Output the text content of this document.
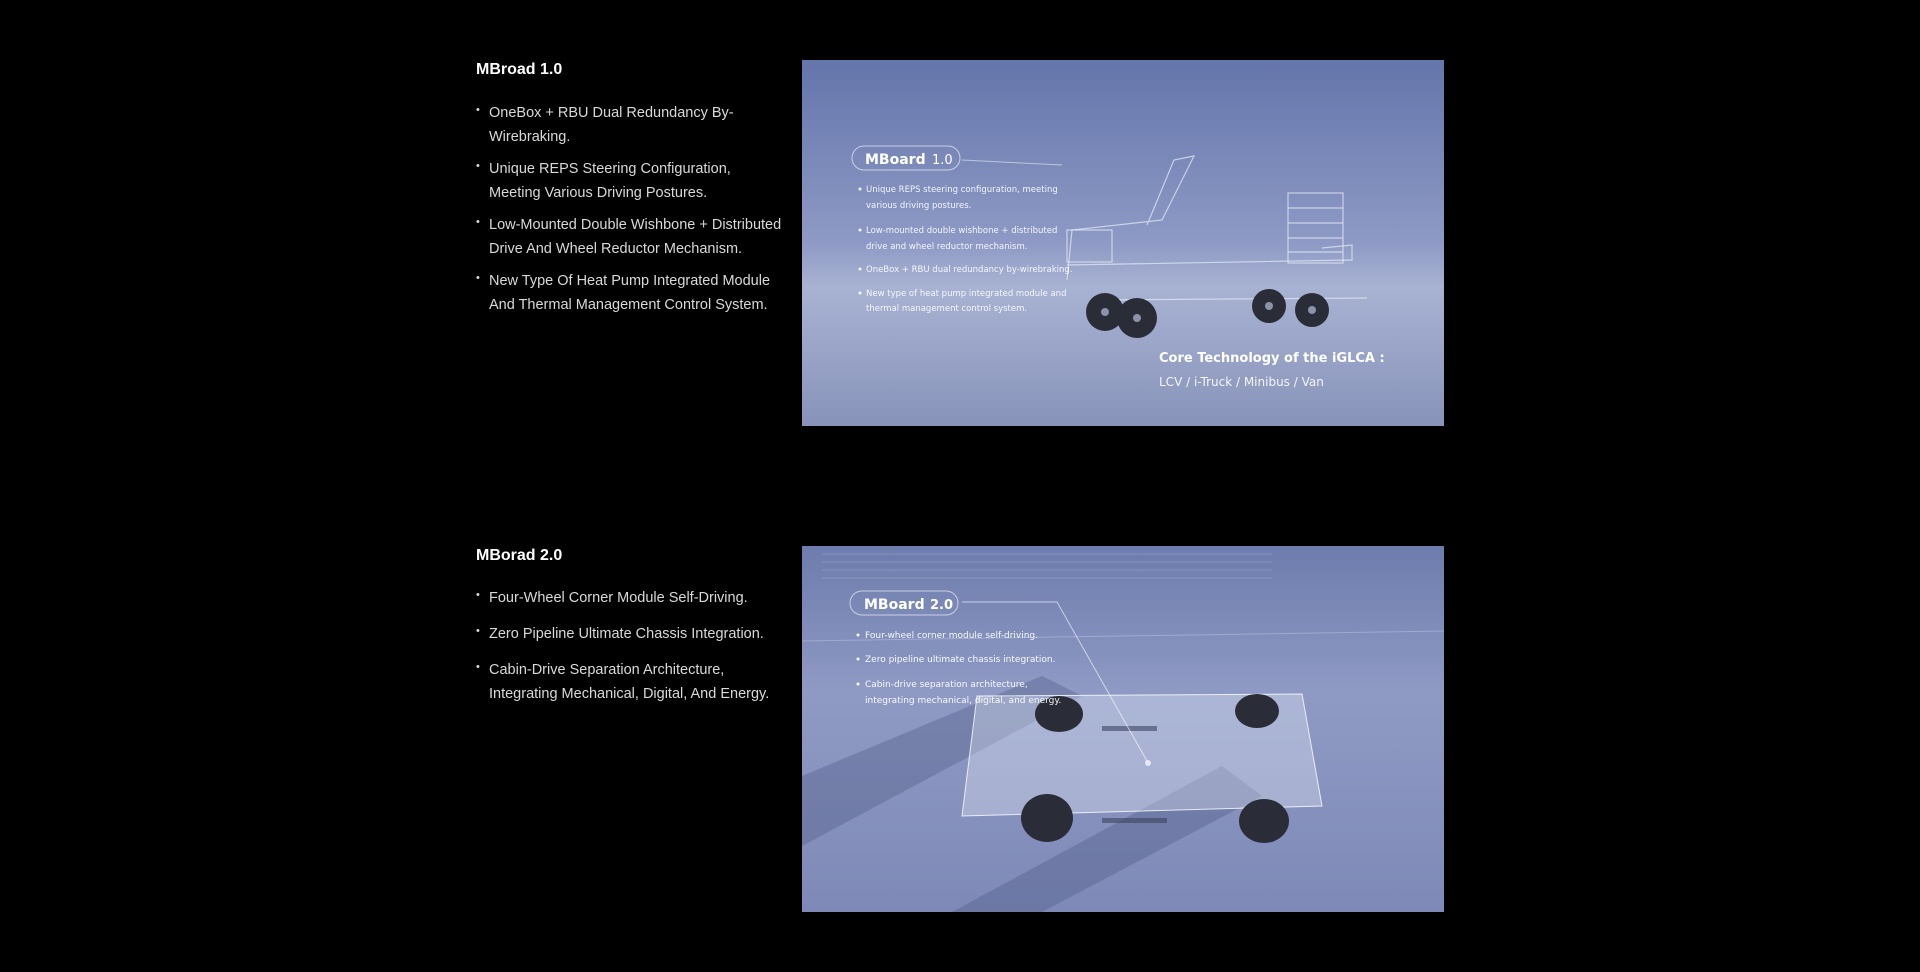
MBroad 1.0
• OneBox + RBU Dual Redundancy By-Wirebraking.
• Unique REPS Steering Configuration, Meeting Various Driving Postures.
• Low-Mounted Double Wishbone + Distributed Drive And Wheel Reductor Mechanism.
• New Type Of Heat Pump Integrated Module And Thermal Management Control System.
MBoard 1.0
Unique REPS steering configuration, meeting
various driving postures.
Low-mounted double wishbone + distributed
drive and wheel reductor mechanism.
OneBox + RBU dual redundancy by-wirebraking.
New type of heat pump integrated module and
thermal management control system.
Core Technology of the iGLCA :
LCV / i-Truck / Minibus / Van
MBorad 2.0
• Four-Wheel Corner Module Self-Driving.
• Zero Pipeline Ultimate Chassis Integration.
• Cabin-Drive Separation Architecture, Integrating Mechanical, Digital, And Energy.
MBoard 2.0
Four-wheel corner module self-driving.
Zero pipeline ultimate chassis integration.
Cabin-drive separation architecture,
integrating mechanical, digital, and energy.
